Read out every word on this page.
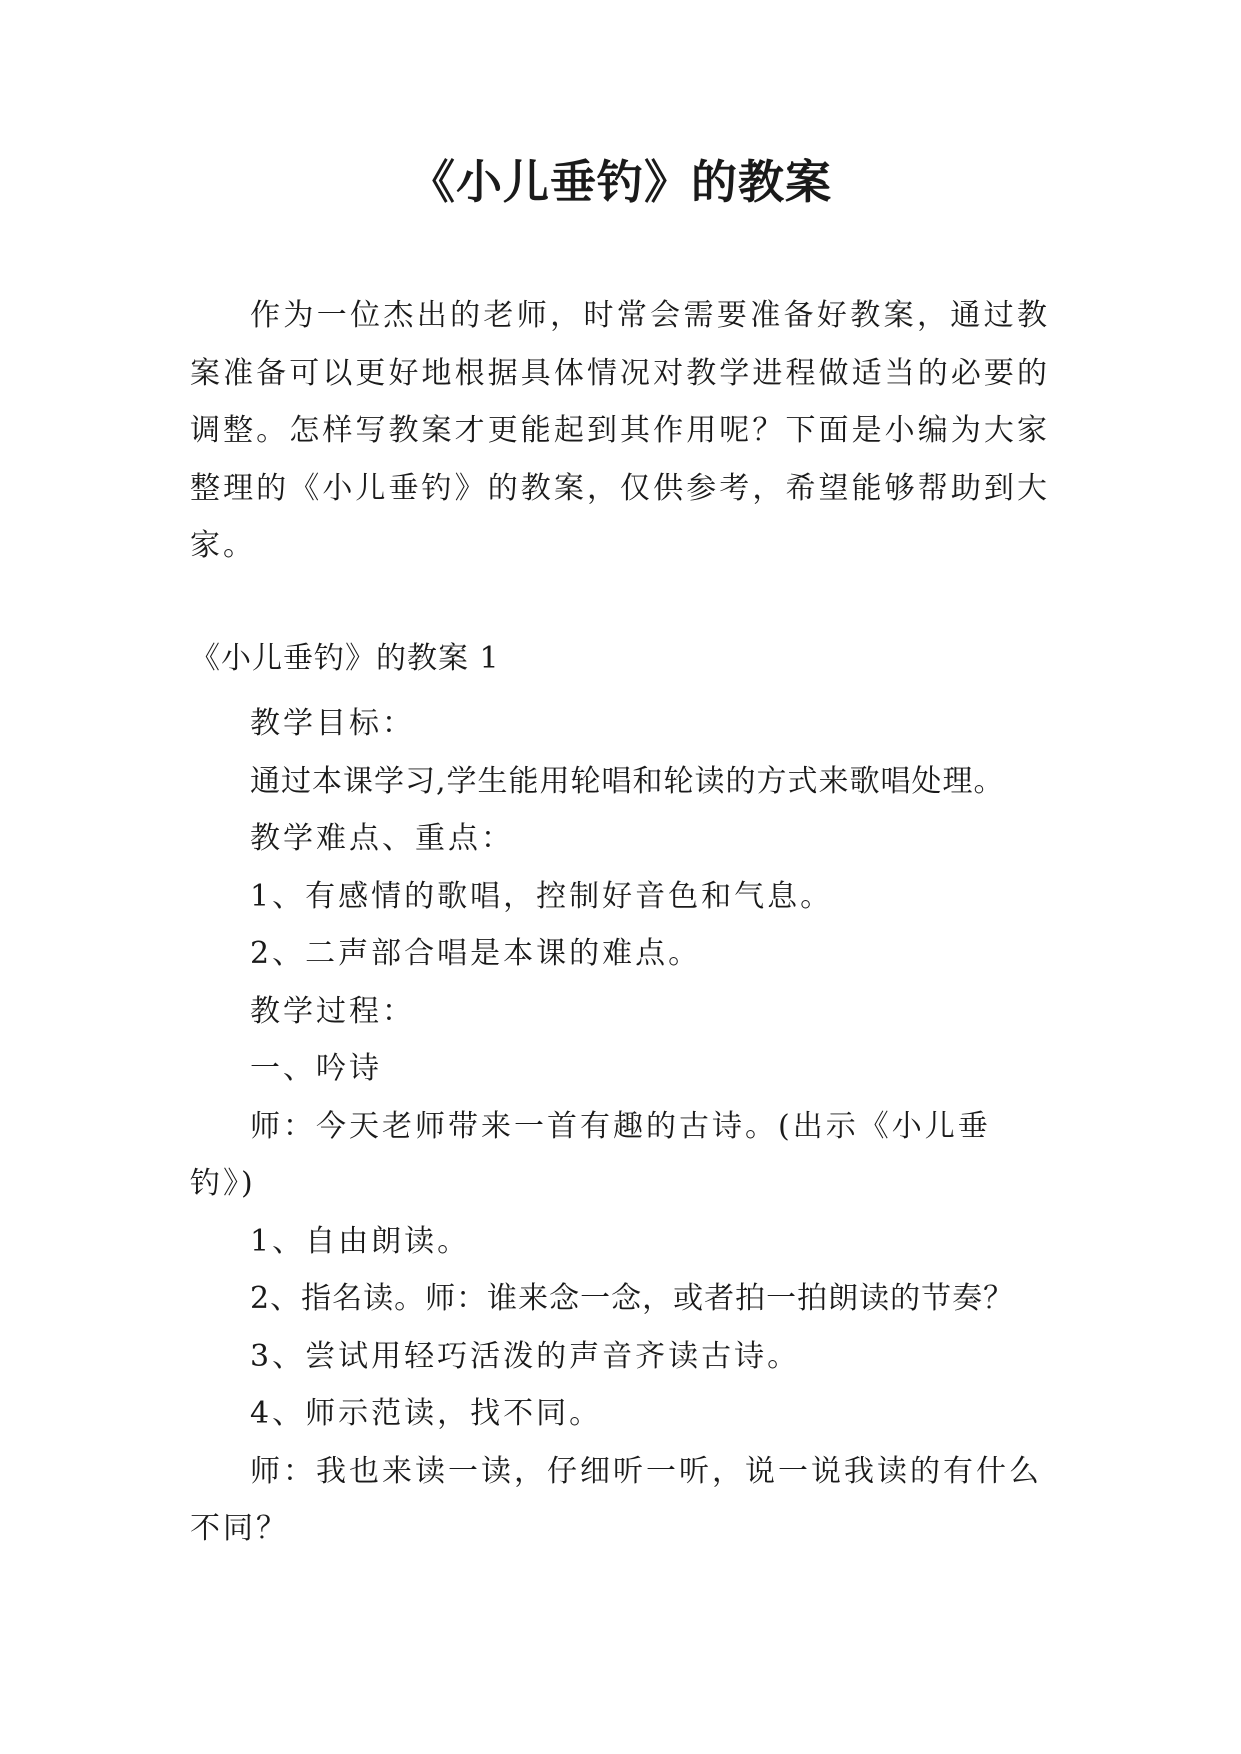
《小儿垂钓》的教案

作为一位杰出的老师，时常会需要准备好教案，通过教案准备可以更好地根据具体情况对教学进程做适当的必要的调整。怎样写教案才更能起到其作用呢？下面是小编为大家整理的《小儿垂钓》的教案，仅供参考，希望能够帮助到大家。

《小儿垂钓》的教案 1

教学目标：

通过本课学习,学生能用轮唱和轮读的方式来歌唱处理。

教学难点、重点：

1、有感情的歌唱，控制好音色和气息。

2、二声部合唱是本课的难点。

教学过程：

一、吟诗

师：今天老师带来一首有趣的古诗。(出示《小儿垂钓》)

1、自由朗读。

2、指名读。师：谁来念一念，或者拍一拍朗读的节奏？

3、尝试用轻巧活泼的声音齐读古诗。

4、师示范读，找不同。

师：我也来读一读，仔细听一听，说一说我读的有什么不同？
